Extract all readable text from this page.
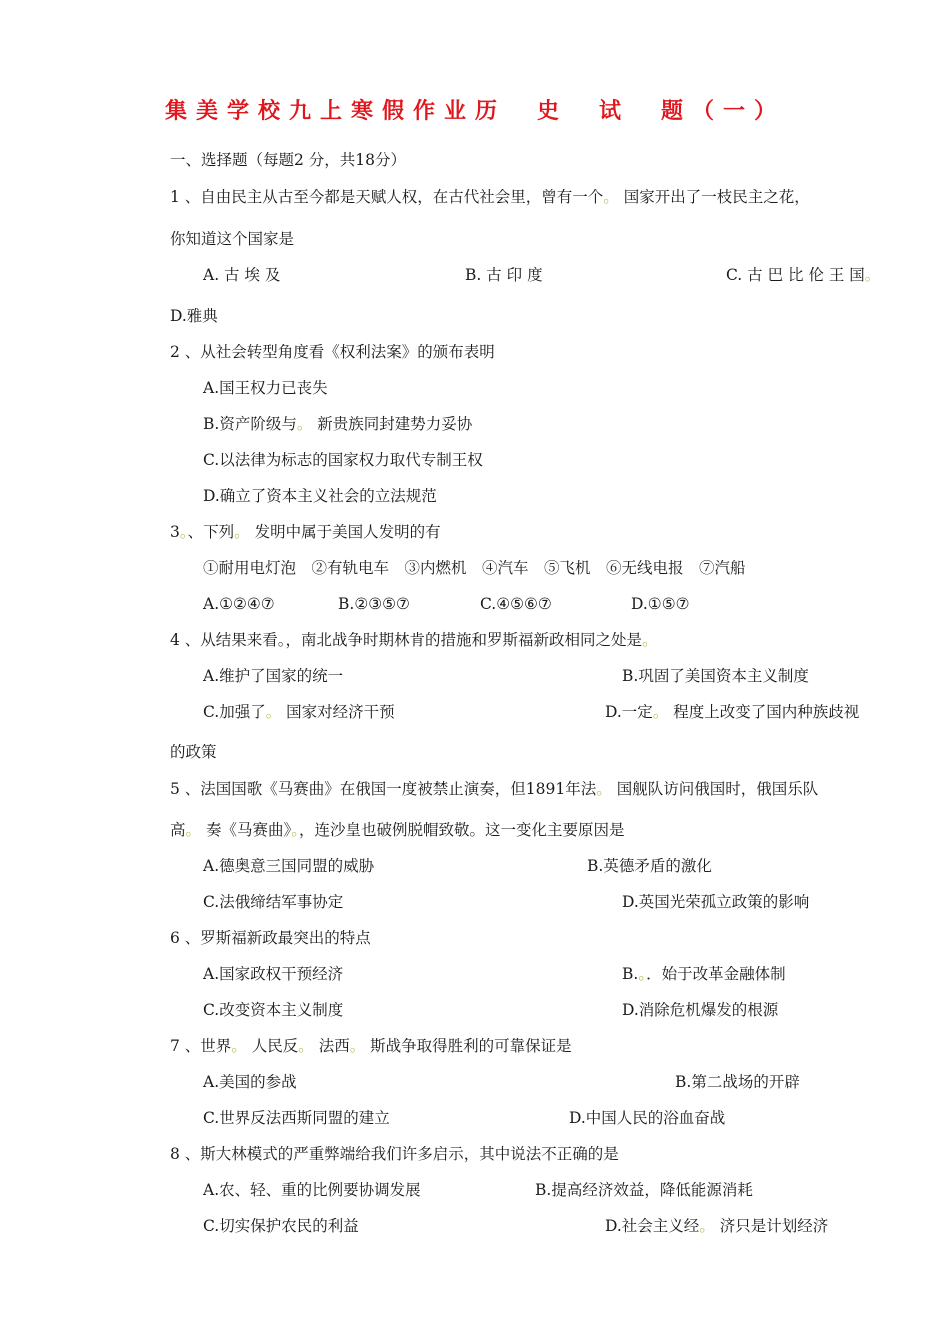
集美学校九上寒假作业历　史　试　题（一）
一、选择题（每题2 分，共18分）
1 、自由民主从古至今都是天赋人权，在古代社会里，曾有一个。 国家开出了一枝民主之花，
你知道这个国家是
A. 古 埃 及	B. 古 印 度	C. 古 巴 比 伦 王 国。
D.雅典
2 、从社会转型角度看《权利法案》的颁布表明
A.国王权力已丧失
B.资产阶级与。 新贵族同封建势力妥协
C.以法律为标志的国家权力取代专制王权
D.确立了资本主义社会的立法规范
3。、下列。 发明中属于美国人发明的有
①耐用电灯泡　②有轨电车　③内燃机　④汽车　⑤飞机　⑥无线电报　⑦汽船
A.①②④⑦	B.②③⑤⑦	C.④⑤⑥⑦	D.①⑤⑦
4 、从结果来看。，南北战争时期林肯的措施和罗斯福新政相同之处是。
A.维护了国家的统一	B.巩固了美国资本主义制度
C.加强了。 国家对经济干预	D.一定。 程度上改变了国内种族歧视
的政策
5 、法国国歌《马赛曲》在俄国一度被禁止演奏，但1891年法。 国舰队访问俄国时，俄国乐队
高。 奏《马赛曲》。，连沙皇也破例脱帽致敬。这一变化主要原因是
A.德奥意三国同盟的威胁	B.英德矛盾的激化
C.法俄缔结军事协定	D.英国光荣孤立政策的影响
6 、罗斯福新政最突出的特点
A.国家政权干预经济	B.。．始于改革金融体制
C.改变资本主义制度	D.消除危机爆发的根源
7 、世界。 人民反。 法西。 斯战争取得胜利的可靠保证是
A.美国的参战	B.第二战场的开辟
C.世界反法西斯同盟的建立	D.中国人民的浴血奋战
8 、斯大林模式的严重弊端给我们许多启示，其中说法不正确的是
A.农、轻、重的比例要协调发展	B.提高经济效益，降低能源消耗
C.切实保护农民的利益	D.社会主义经。 济只是计划经济
